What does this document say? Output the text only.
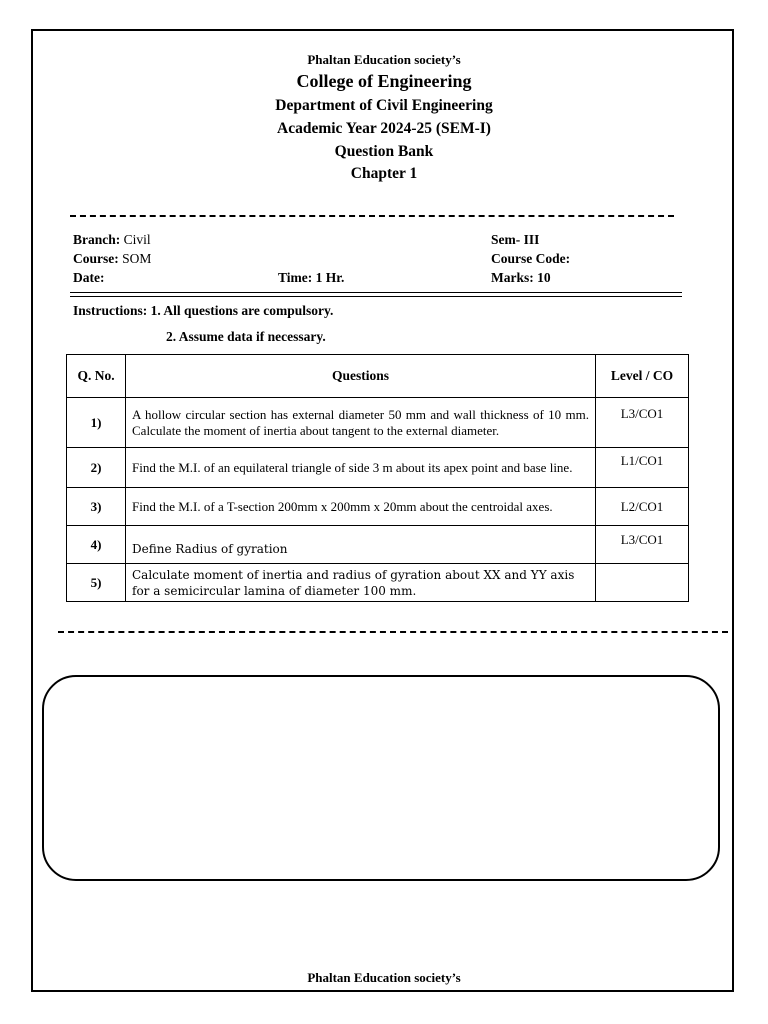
Phaltan Education society’s
College of Engineering
Department of Civil Engineering
Academic Year 2024-25 (SEM-I)
Question Bank
Chapter 1
Branch: Civil
Course: SOM
Date:	Time: 1 Hr.
Sem- III
Course Code:
Marks: 10
Instructions: 1. All questions are compulsory.
2. Assume data if necessary.
Q. No.	Questions	Level / CO
1)	A hollow circular section has external diameter 50 mm and wall thickness of 10 mm. Calculate the moment of inertia about tangent to the external diameter.	L3/CO1
2)	Find the M.I. of an equilateral triangle of side 3 m about its apex point and base line.	L1/CO1
3)	Find the M.I. of a T-section 200mm x 200mm x 20mm about the centroidal axes.	L2/CO1
4)	Define Radius of gyration	L3/CO1
5)	Calculate moment of inertia and radius of gyration about XX and YY axis for a semicircular lamina of diameter 100 mm.	
Phaltan Education society’s
